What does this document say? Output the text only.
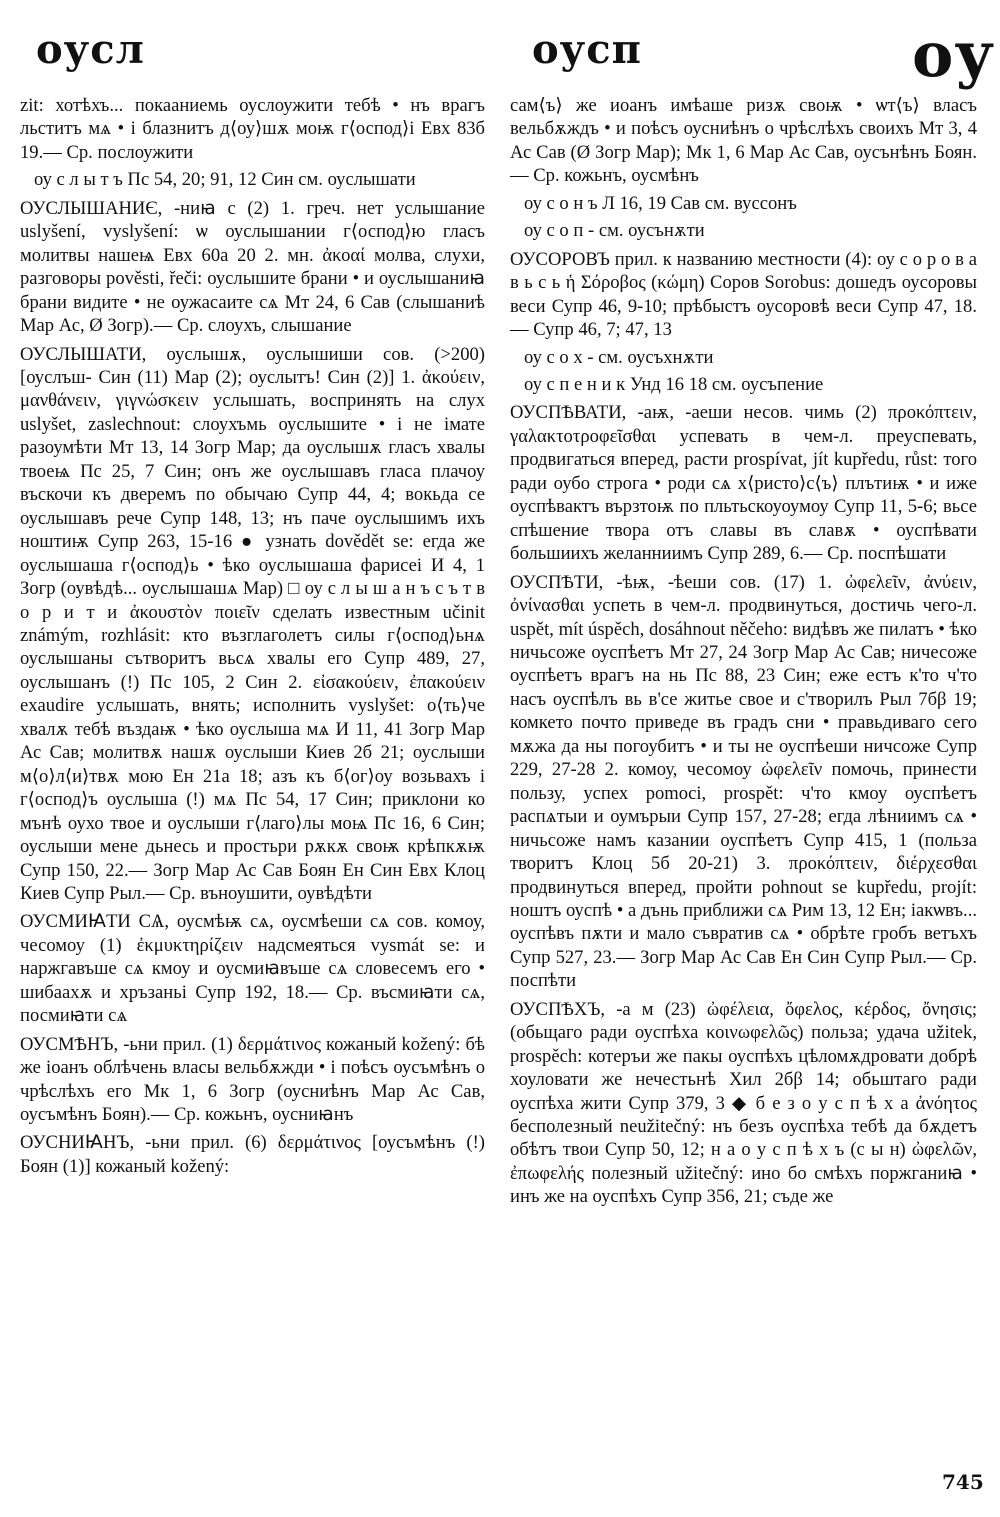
оусл	оусп	оу

zit: хотѣхъ... покааниемь оуслоужити тебѣ • нъ врагъ льститъ мѧ • і блазнитъ д⟨оу⟩шѫ моѭ г⟨оспод⟩і Евх 83б 19.— Ср. послоужити

оу с л ы т ъ Пс 54, 20; 91, 12 Син см. оуслышати

ОУСЛЫШАНИЄ, -ниꙗ с (2) 1. греч. нет услышание uslyšení, vyslyšení: ѡ оуслышании г⟨оспод⟩ю гласъ молитвы нашеѩ Евх 60а 20 2. мн. ἀκοαί молва, слухи, разговоры pověsti, řeči: оуслышите брани • и оуслышаниꙗ брани видите • не оужасаите сѧ Мт 24, 6 Сав (слышаниѣ Мар Ас, Ø Зогр).— Ср. слоухъ, слышание

ОУСЛЫШАТИ, оуслышѫ, оуслышиши сов. (>200) [оуслъш- Син (11) Мар (2); оуслытъ! Син (2)] 1. ἀκούειν, μανθάνειν, γιγνώσκειν услышать, воспринять на слух uslyšet, zaslechnout: слоухъмь оуслышите • і не імате разоумѣти Мт 13, 14 Зогр Мар; да оуслышѫ гласъ хвалы твоеѩ Пс 25, 7 Син; онъ же оуслышавъ гласа плачоу въскочи къ дверемъ по обычаю Супр 44, 4; вокьда се оуслышавъ рече Супр 148, 13; нъ паче оуслышимъ ихъ ноштиѭ Супр 263, 15-16 ● узнать dovědět se: егда же оуслышаша г⟨оспод⟩ь • ѣко оуслышаша фарисеі И 4, 1 Зогр (оувѣдѣ... оуслышашѧ Мар) □ оу с л ы ш а н ъ с ъ т в о р и т и ἀκουστὸν ποιεῖν сделать известным učinit známým, rozhlásit: кто възглаголетъ силы г⟨оспод⟩ьнѧ оуслышаны сътворитъ вьсѧ хвалы его Супр 489, 27, оуслышанъ (!) Пс 105, 2 Син 2. εἰσακούειν, ἐπακούειν exaudire услышать, внять; исполнить vyslyšet: о⟨ть⟩че хвалѫ тебѣ въздаѭ • ѣко оуслыша мѧ И 11, 41 Зогр Мар Ас Сав; молитвѫ нашѫ оуслыши Киев 2б 21; оуслыши м⟨о⟩л⟨и⟩твѫ мою Ен 21а 18; азъ къ б⟨ог⟩оу возьвахъ і г⟨оспод⟩ъ оуслыша (!) мѧ Пс 54, 17 Син; приклони ко мънѣ оухо твое и оуслыши г⟨лаго⟩лы моѩ Пс 16, 6 Син; оуслыши мене дьнесь и простьри рѫкѫ своѭ крѣпкѫѭ Супр 150, 22.— Зогр Мар Ас Сав Боян Ен Син Евх Клоц Киев Супр Рыл.— Ср. въноушити, оувѣдѣти

ОУСМИꙖТИ СѦ, оусмѣѭ сѧ, оусмѣеши сѧ сов. комоу, чесомоу (1) ἐκμυκτηρίζειν надсмеяться vysmát se: и наржгавъше сѧ кмоу и оусмиꙗвъше сѧ словесемъ его • шибаахѫ и хръзаньі Супр 192, 18.— Ср. въсмиꙗти сѧ, посмиꙗти сѧ

ОУСМѢНЪ, -ьни прил. (1) δερμάτινος кожаный kožený: бѣ же іоанъ облѣчень власы вельбѫжди • і поѣсъ оусъмѣнъ о чрѣслѣхъ его Мк 1, 6 Зогр (оусниѣнъ Мар Ас Сав, оусъмѣнъ Боян).— Ср. кожьнъ, оусниꙗнъ

ОУСНИꙖНЪ, -ьни прил. (6) δερμάτινος [оусъмѣнъ (!) Боян (1)] кожаный kožený:

сам⟨ъ⟩ же иоанъ имѣаше ризѫ своѭ • ѡт⟨ъ⟩ власъ вельбѫждъ • и поѣсъ оусниѣнъ о чрѣслѣхъ своихъ Мт 3, 4 Ас Сав (Ø Зогр Мар); Мк 1, 6 Мар Ас Сав, оусънѣнъ Боян.— Ср. кожьнъ, оусмѣнъ

оу с о н ъ Л 16, 19 Сав см. вуссонъ

оу с о п - см. оусънѫти

ОУСОРОВЪ прил. к названию местности (4): оу с о р о в а в ь с ь ἡ Σόροβος (κώμη) Соров Sorobus: дошедъ оусоровы веси Супр 46, 9-10; прѣбыстъ оусоровѣ веси Супр 47, 18.— Супр 46, 7; 47, 13

оу с о х - см. оусъхнѫти

оу с п е н и к Унд 16 18 см. оусъпение

ОУСПѢВАТИ, -аѭ, -аеши несов. чимь (2) προκόπτειν, γαλακτοτροφεῖσθαι успевать в чем-л. преуспевать, продвигаться вперед, расти prospívat, jít kupředu, růst: того ради оубо строга • роди сѧ х⟨ристо⟩с⟨ъ⟩ плътиѭ • и иже оуспѣвактъ вързтоѭ по пльтьскоуоумоу Супр 11, 5-6; вьсе спѣшение твора отъ славы въ славѫ • оуспѣвати большиихъ желанниимъ Супр 289, 6.— Ср. поспѣшати

ОУСПѢТИ, -ѣѭ, -ѣеши сов. (17) 1. ὠφελεῖν, ἀνύειν, ὀνίνασθαι успеть в чем-л. продвинуться, достичь чего-л. uspět, mít úspěch, dosáhnout něčeho: видѣвъ же пилатъ • ѣко ничьсоже оуспѣетъ Мт 27, 24 Зогр Мар Ас Сав; ничесоже оуспѣетъ врагъ на нь Пс 88, 23 Син; еже естъ к'то ч'то насъ оуспѣлъ вь в'се житье свое и с'творилъ Рыл 7бβ 19; комкето почто приведе въ градъ сни • правьдиваго сего мѫжа да ны погоубитъ • и ты не оуспѣеши ничсоже Супр 229, 27-28 2. комоу, чесомоу ὠφελεῖν помочь, принести пользу, успех pomoci, prospět: ч'то кмоу оуспѣетъ распѧтыи и оумърыи Супр 157, 27-28; егда лѣниимъ сѧ • ничьсоже намъ казании оуспѣетъ Супр 415, 1 (польза творитъ Клоц 5б 20-21) 3. προκόπτειν, διέρχεσθαι продвинуться вперед, пройти pohnout se kupředu, projít: ноштъ оуспѣ • а дънь приближи сѧ Рим 13, 12 Ен; іакѡвъ... оуспѣвъ пѫти и мало съвратив сѧ • обрѣте гробъ ветъхъ Супр 527, 23.— Зогр Мар Ас Сав Ен Син Супр Рыл.— Ср. поспѣти

ОУСПѢХЪ, -а м (23) ὠφέλεια, ὄφελος, κέρδος, ὄνησις; (обьщаго ради оуспѣха κοινωφελῶς) польза; удача užitek, prospěch: котеръи же пакы оуспѣхъ цѣломѫдровати добрѣ хоуловати же нечестьнѣ Хил 2бβ 14; обьштаго ради оуспѣха жити Супр 379, 3 ◆ б е з о у с п ѣ х а ἀνόητος бесполезный neužitečný: нъ безъ оуспѣха тебѣ да бѫдетъ обѣтъ твои Супр 50, 12; н а о у с п ѣ х ъ (с ы н) ὠφελῶν, ἐπωφελής полезный užitečný: ино бо смѣхъ поржганиꙗ • инъ же на оуспѣхъ Супр 356, 21; съде же

745
